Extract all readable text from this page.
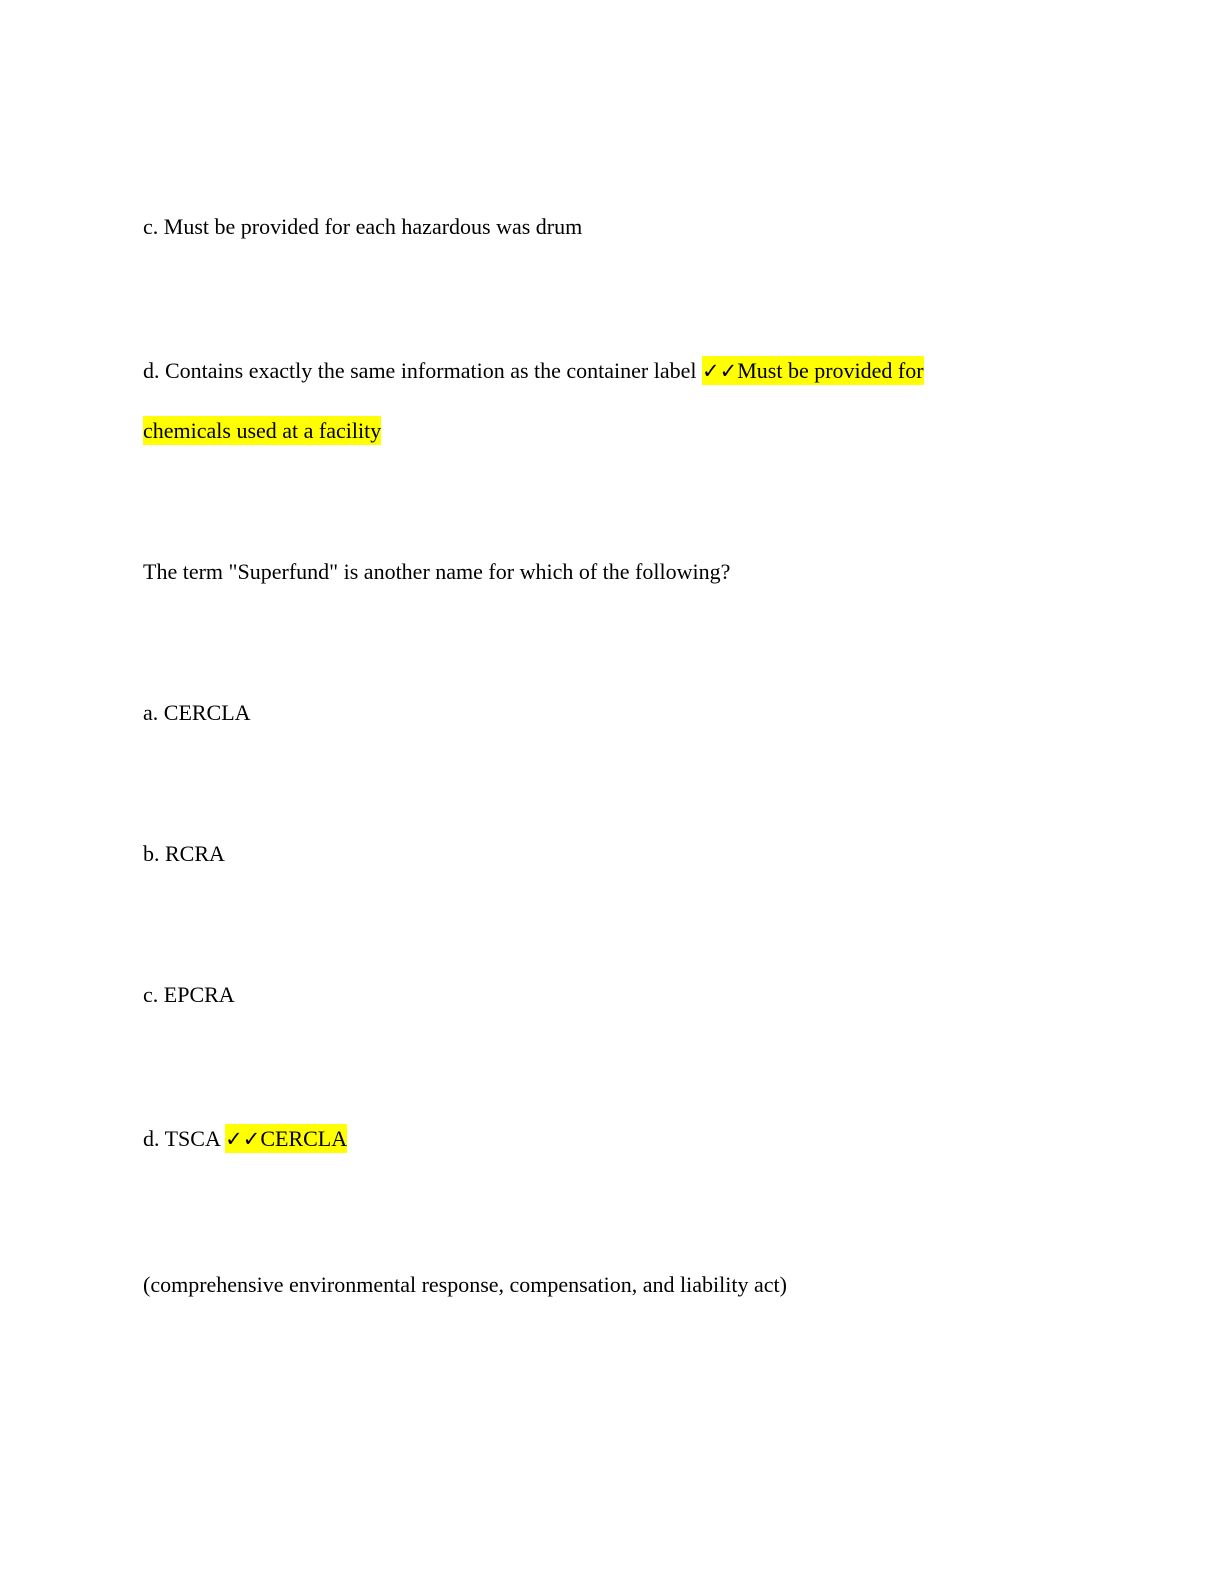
c. Must be provided for each hazardous was drum
d. Contains exactly the same information as the container label ✓✓Must be provided for
chemicals used at a facility
The term "Superfund" is another name for which of the following?
a. CERCLA
b. RCRA
c. EPCRA
d. TSCA ✓✓CERCLA
(comprehensive environmental response, compensation, and liability act)
